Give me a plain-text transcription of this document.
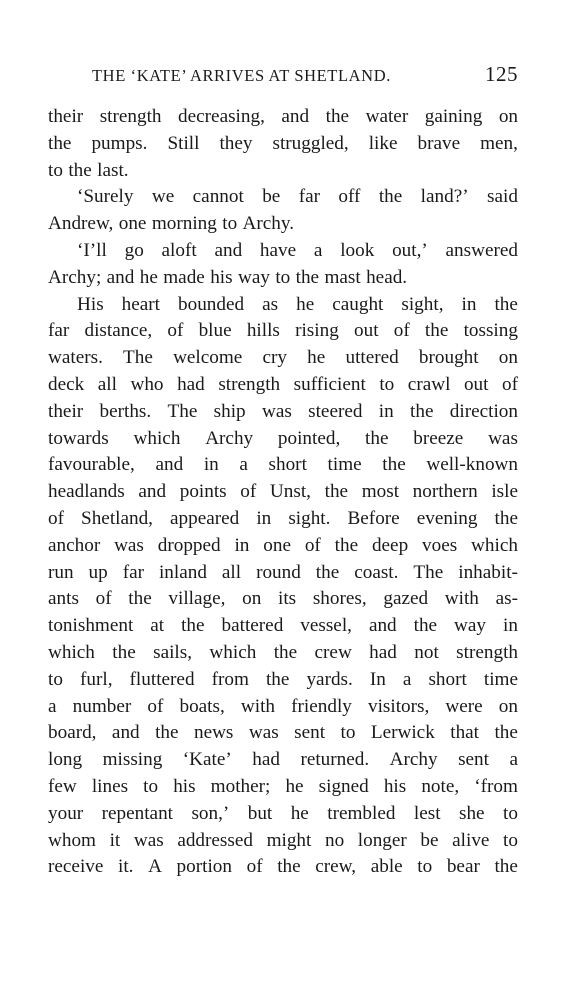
THE ‘KATE’ ARRIVES AT SHETLAND.	125
their strength decreasing, and the water gaining on
the pumps. Still they struggled, like brave men,
to the last.
‘Surely we cannot be far off the land?’ said
Andrew, one morning to Archy.
‘I’ll go aloft and have a look out,’ answered
Archy; and he made his way to the mast head.
His heart bounded as he caught sight, in the
far distance, of blue hills rising out of the tossing
waters. The welcome cry he uttered brought on
deck all who had strength sufficient to crawl out of
their berths. The ship was steered in the direction
towards which Archy pointed, the breeze was
favourable, and in a short time the well-known
headlands and points of Unst, the most northern isle
of Shetland, appeared in sight. Before evening the
anchor was dropped in one of the deep voes which
run up far inland all round the coast. The inhabit-
ants of the village, on its shores, gazed with as-
tonishment at the battered vessel, and the way in
which the sails, which the crew had not strength
to furl, fluttered from the yards. In a short time
a number of boats, with friendly visitors, were on
board, and the news was sent to Lerwick that the
long missing ‘Kate’ had returned. Archy sent a
few lines to his mother; he signed his note, ‘from
your repentant son,’ but he trembled lest she to
whom it was addressed might no longer be alive to
receive it. A portion of the crew, able to bear the
